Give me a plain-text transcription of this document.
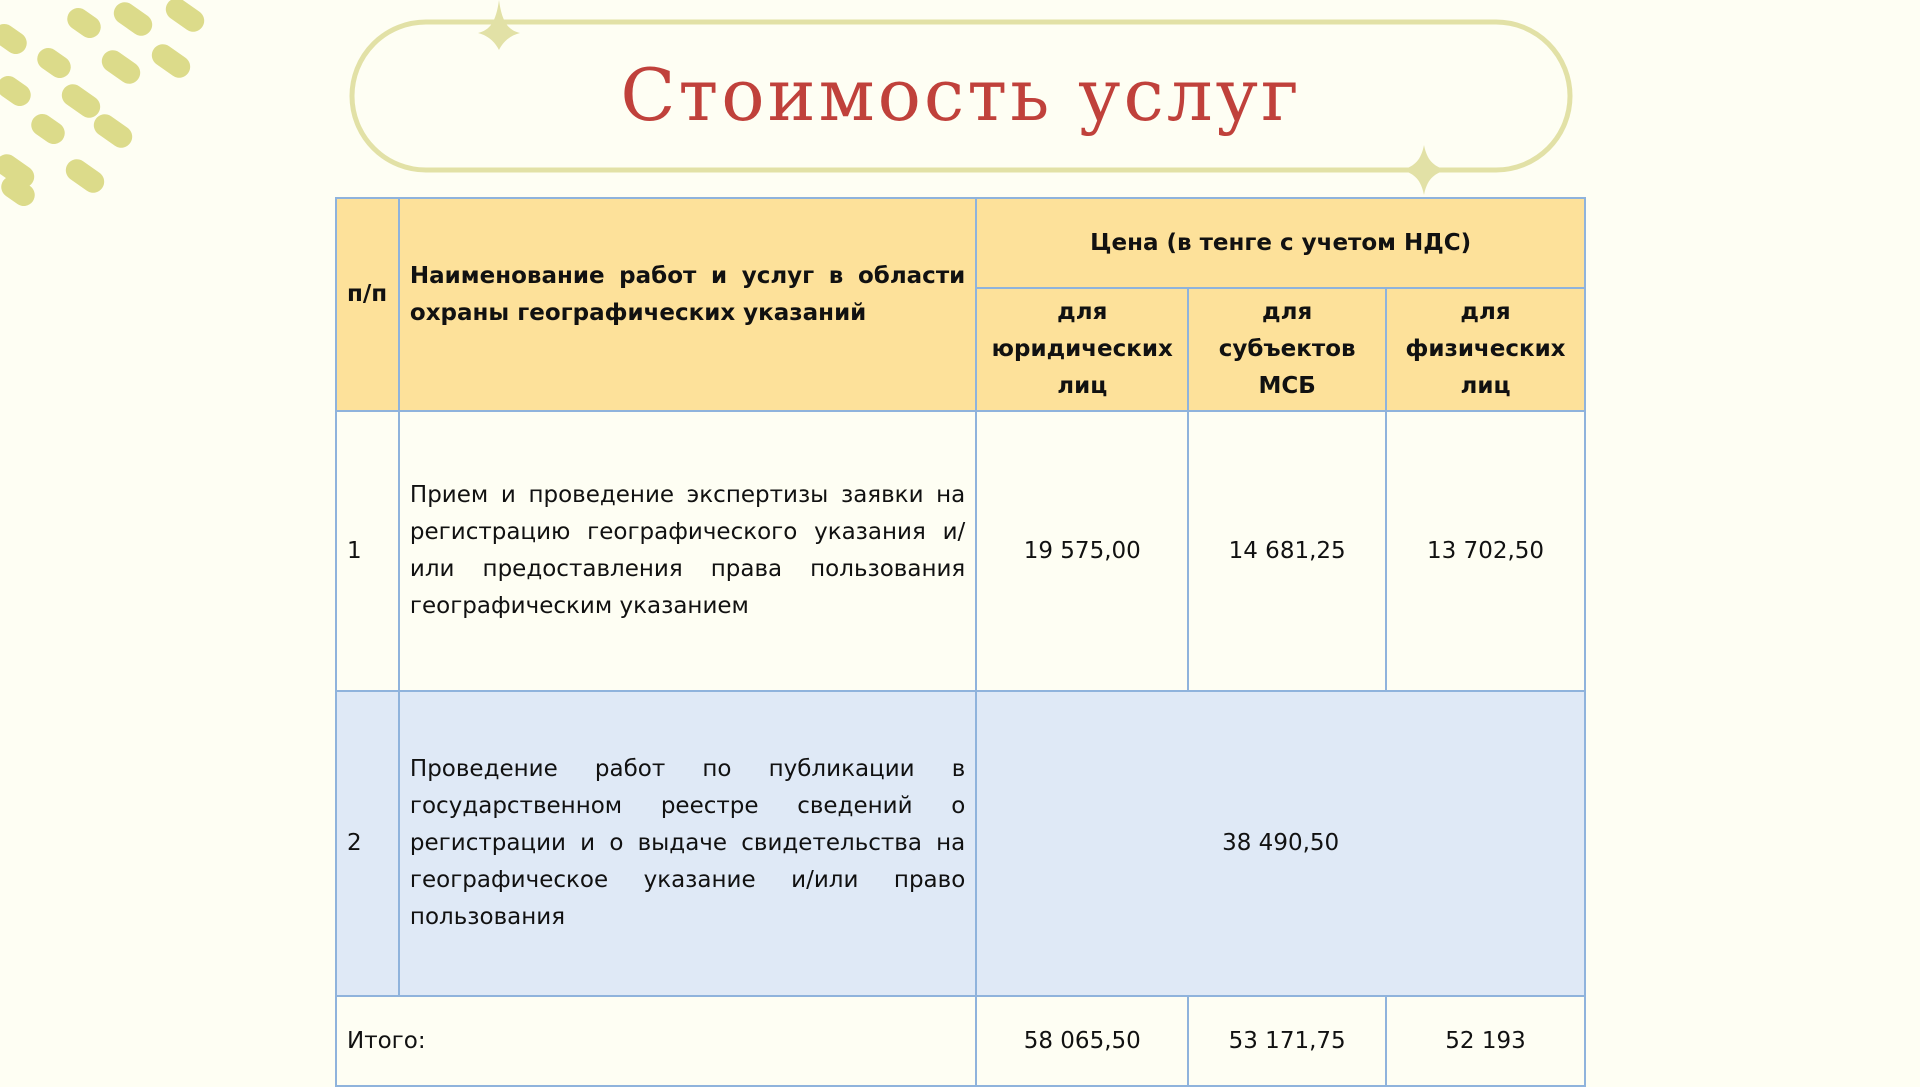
Стоимость услуг
п/п	Наименование работ и услуг в области охраны географических указаний	Цена (в тенге с учетом НДС)		
		для юридических лиц	для субъектов МСБ	для физических лиц
1	Прием и проведение экспертизы заявки на регистрацию географического указания и/или предоставления права пользования географическим указанием	19 575,00	14 681,25	13 702,50
2	Проведение работ по публикации в государственном реестре сведений о регистрации и о выдаче свидетельства на географическое указание и/или право пользования	38 490,50		
Итого:		58 065,50	53 171,75	52 193
